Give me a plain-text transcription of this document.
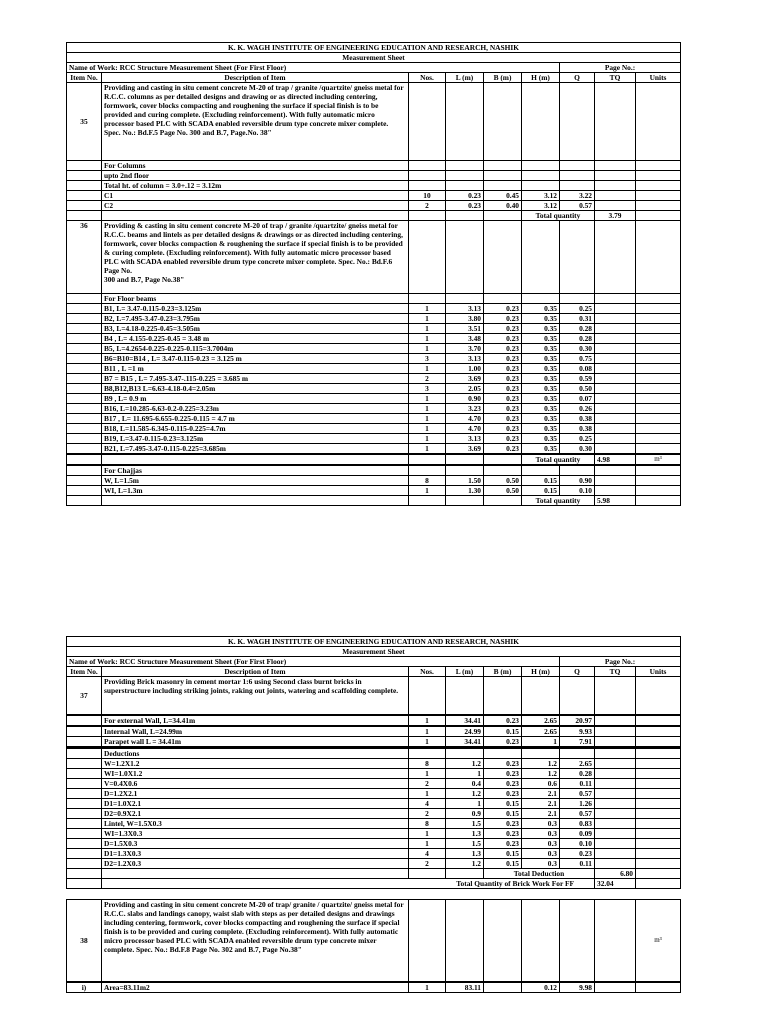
K. K. WAGH INSTITUTE OF ENGINEERING EDUCATION AND RESEARCH, NASHIK								
Measurement Sheet								
Name of Work: RCC Structure Measurement Sheet (For First Floor)						Page No.:		
Item No.	Description of Item	Nos.	L (m)	B (m)	H (m)	Q	TQ	Units
35	Providing and casting in situ cement concrete M-20 of trap / granite /quartzite/ gneiss metal for R.C.C. columns as per detailed designs and drawing or as directed including centering, formwork, cover blocks compacting and roughening the surface if special finish is to be provided and curing complete. (Excluding reinforcement). With fully automatic micro processor based PLC with SCADA enabled reversible drum type concrete mixer complete. Spec. No.: Bd.F.5 Page No. 300 and B.7, Page.No. 38"							
	For Columns							
	upto 2nd floor							
	Total ht. of column = 3.0+.12 = 3.12m							
	C1	10	0.23	0.45	3.12	3.22		
	C2	2	0.23	0.40	3.12	0.57		
					Total quantity		3.79	
36	Providing & casting in situ cement concrete M-20 of trap / granite /quartzite/ gneiss metal for R.C.C. beams and lintels as per detailed designs & drawings or as directed including centering, formwork, cover blocks compaction & roughening the surface if special finish is to be provided & curing complete. (Excluding reinforcement). With fully automatic micro processor based PLC with SCADA enabled reversible drum type concrete mixer complete. Spec. No.: Bd.F.6 Page No.
300 and B.7, Page No.38"							
	For Floor beams							
	B1, L= 3.47-0.115-0.23=3.125m	1	3.13	0.23	0.35	0.25		
	B2, L=7.495-3.47-0.23=3.795m	1	3.80	0.23	0.35	0.31		
	B3, L=4.18-0.225-0.45=3.505m	1	3.51	0.23	0.35	0.28		
	B4 , L= 4.155-0.225-0.45 = 3.48 m	1	3.48	0.23	0.35	0.28		
	B5, L=4.2654-0.225-0.225-0.115=3.7004m	1	3.70	0.23	0.35	0.30		
	B6=B10=B14 , L= 3.47-0.115-0.23 = 3.125 m	3	3.13	0.23	0.35	0.75		
	B11 , L =1 m	1	1.00	0.23	0.35	0.08		
	B7 = B15 , L= 7.495-3.47-.115-0.225 = 3.685 m	2	3.69	0.23	0.35	0.59		
	B8,B12,B13 L=6.63-4.18-0.4=2.05m	3	2.05	0.23	0.35	0.50		
	B9 , L= 0.9 m	1	0.90	0.23	0.35	0.07		
	B16, L=10.285-6.63-0.2-0.225=3.23m	1	3.23	0.23	0.35	0.26		
	B17 , L= 11.695-6.655-0.225-0.115 = 4.7 m	1	4.70	0.23	0.35	0.38		
	B18, L=11.585-6.345-0.115-0.225=4.7m	1	4.70	0.23	0.35	0.38		
	B19, L=3.47-0.115-0.23=3.125m	1	3.13	0.23	0.35	0.25		
	B21, L=7.495-3.47-0.115-0.225=3.685m	1	3.69	0.23	0.35	0.30		

					Total quantity		4.98	m³

	For Chajjas							
	W, L=1.5m	8	1.50	0.50	0.15	0.90		
	WI, L=1.3m	1	1.30	0.50	0.15	0.10		
					Total quantity		5.98	
K. K. WAGH INSTITUTE OF ENGINEERING EDUCATION AND RESEARCH, NASHIK								
Measurement Sheet								
Name of Work: RCC Structure Measurement Sheet (For First Floor)						Page No.:		
Item No.	Description of Item	Nos.	L (m)	B (m)	H (m)	Q	TQ	Units
37	Providing Brick masonry in cement mortar 1:6 using Second class burnt bricks in superstructure including striking joints, raking out joints, watering and scaffolding complete.							

	For external Wall, L=34.41m	1	34.41	0.23	2.65	20.97		

	Internal Wall, L=24.99m	1	24.99	0.15	2.65	9.93		
	Parapet wall L = 34.41m	1	34.41	0.23	1	7.91		

	Deductions							
	W=1.2X1.2	8	1.2	0.23	1.2	2.65		
	WI=1.0X1.2	1	1	0.23	1.2	0.28		
	V=0.4X0.6	2	0.4	0.23	0.6	0.11		
	D=1.2X2.1	1	1.2	0.23	2.1	0.57		
	D1=1.0X2.1	4	1	0.15	2.1	1.26		
	D2=0.9X2.1	2	0.9	0.15	2.1	0.57		
	Lintel, W=1.5X0.3	8	1.5	0.23	0.3	0.83		
	WI=1.3X0.3	1	1.3	0.23	0.3	0.09		
	D=1.5X0.3	1	1.5	0.23	0.3	0.10		
	D1=1.3X0.3	4	1.3	0.15	0.3	0.23		
	D2=1.2X0.3	2	1.2	0.15	0.3	0.11		
				Total Deduction			6.80	
	Total Quantity of Brick Work For FF						32.04	

38	Providing and casting in situ cement concrete M-20 of trap/ granite / quartzite/ gneiss metal for R.C.C. slabs and landings canopy, waist slab with steps as per detailed designs and drawings including centering, formwork, cover blocks compacting and roughening the surface if special finish is to be provided and curing complete. (Excluding reinforcement). With fully automatic micro processor based PLC with SCADA enabled reversible drum type concrete mixer complete. Spec. No.: Bd.F.8 Page No. 302 and B.7, Page No.38"							m³

i)	Area=83.11m2	1	83.11		0.12	9.98		
